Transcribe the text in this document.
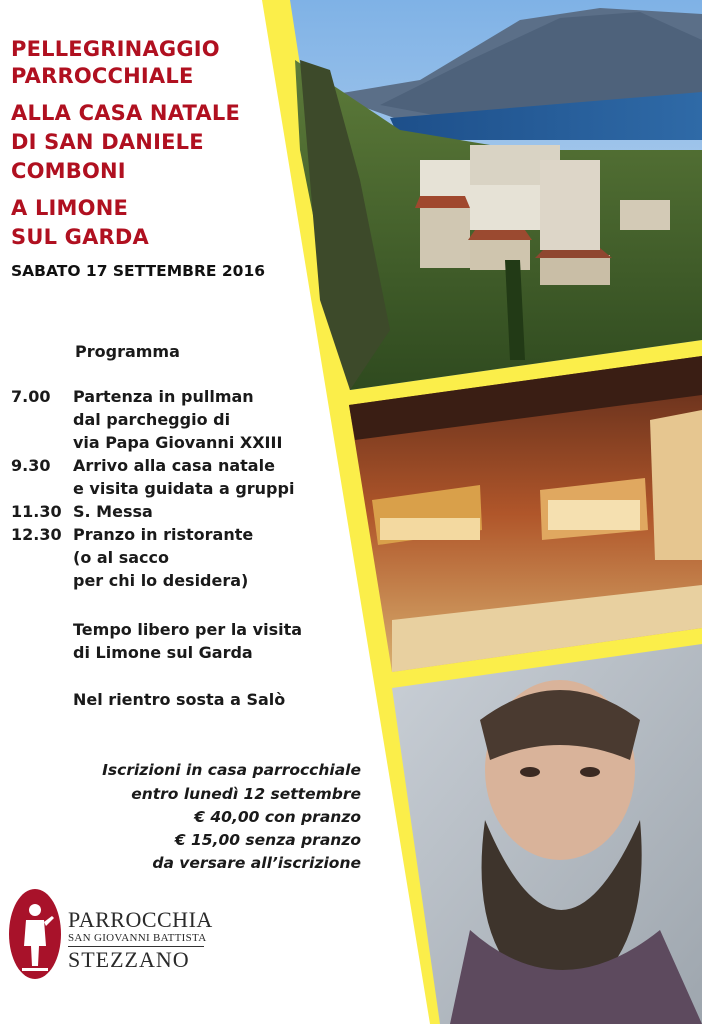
PELLEGRINAGGIO
PARROCCHIALE
ALLA CASA NATALE
DI SAN DANIELE
COMBONI
A LIMONE
SUL GARDA
SABATO 17 SETTEMBRE 2016
Programma
7.00 Partenza in pullman
dal parcheggio di
via Papa Giovanni XXIII
9.30 Arrivo alla casa natale
e visita guidata a gruppi
11.30 S. Messa
12.30 Pranzo in ristorante
(o al sacco
per chi lo desidera)
Tempo libero per la visita
di Limone sul Garda
Nel rientro sosta a Salò
Iscrizioni in casa parrocchiale
entro lunedì 12 settembre
€ 40,00 con pranzo
€ 15,00 senza pranzo
da versare all’iscrizione
PARROCCHIA
SAN GIOVANNI BATTISTA
STEZZANO
